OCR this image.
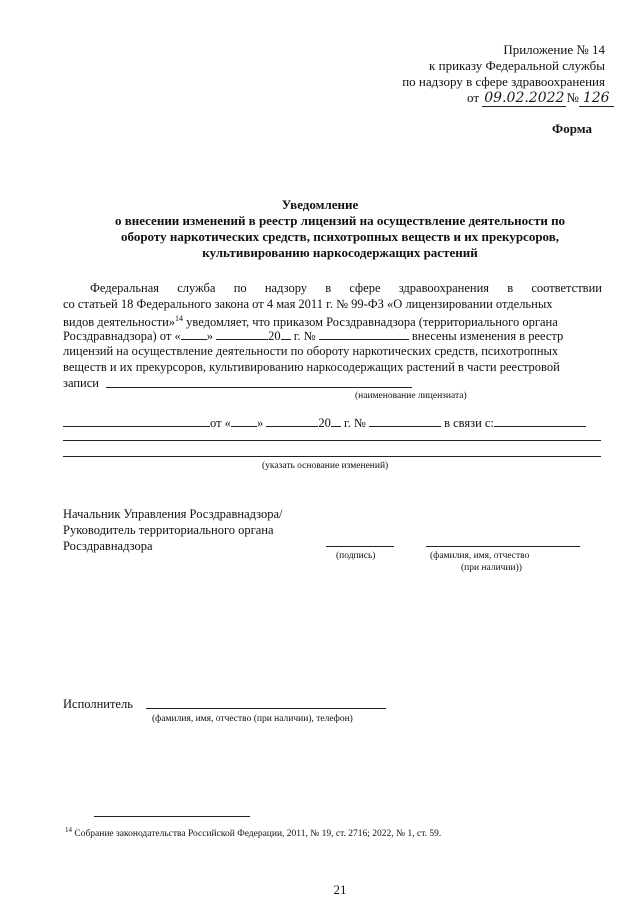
Приложение № 14
к приказу Федеральной службы
по надзору в сфере здравоохранения
от 09.02.2022 № 126
Форма
Уведомление
о внесении изменений в реестр лицензий на осуществление деятельности по
обороту наркотических средств, психотропных веществ и их прекурсоров,
культивированию наркосодержащих растений
Федеральная служба по надзору в сфере здравоохранения в соответствии
со статьей 18 Федерального закона от 4 мая 2011 г. № 99-ФЗ «О лицензировании отдельных
видов деятельности»$^{14}$ уведомляет, что приказом Росздравнадзора (территориального органа
Росздравнадзора) от « »	20 г. №	внесены изменения в реестр
лицензий на осуществление деятельности по обороту наркотических средств, психотропных
веществ и их прекурсоров, культивированию наркосодержащих растений в части реестровой
записи
(наименование лицензиата)
от « »	20 г. №	в связи с:
(указать основание изменений)
Начальник Управления Росздравнадзора/
Руководитель территориального органа
Росздравнадзора
(подпись)	(фамилия, имя, отчество
(при наличии))
Исполнитель
(фамилия, имя, отчество (при наличии), телефон)
$^{14}$ Собрание законодательства Российской Федерации, 2011, № 19, ст. 2716; 2022, № 1, ст. 59.
21
